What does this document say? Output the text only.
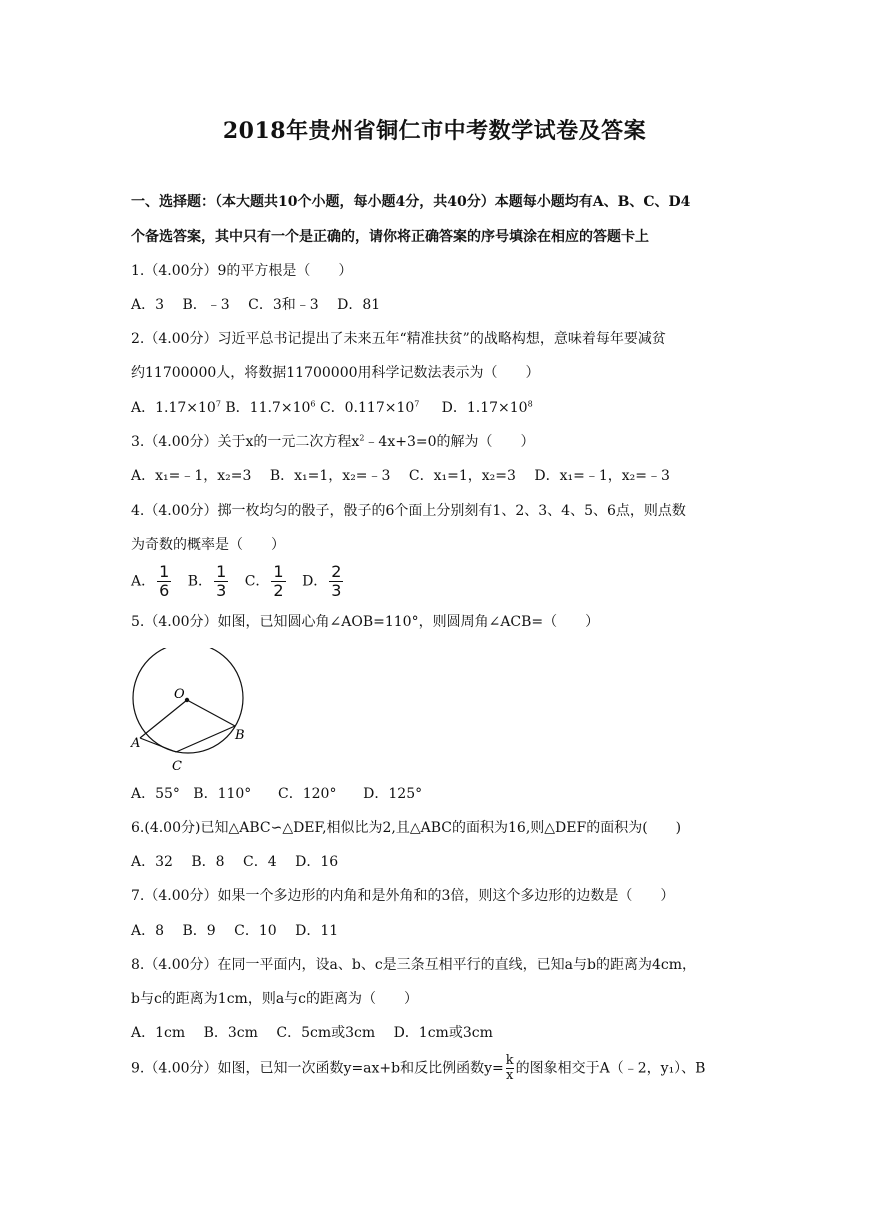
2018年贵州省铜仁市中考数学试卷及答案
一、选择题：（本大题共10个小题，每小题4分，共40分）本题每小题均有A、B、C、D4
个备选答案，其中只有一个是正确的，请你将正确答案的序号填涂在相应的答题卡上
1.（4.00分）9的平方根是（　　）
A．3 B．﹣3 C．3和﹣3 D．81
2.（4.00分）习近平总书记提出了未来五年“精准扶贫”的战略构想，意味着每年要减贫
约11700000人，将数据11700000用科学记数法表示为（　　）
A．$1.17\times 10^7$ B．$11.7\times 10^6$ C．$0.117\times 10^7$ D．$1.17\times 10^8$
3.（4.00分）关于x的一元二次方程$x^2﹣4x+3=0$的解为（　　）
A．x₁=﹣1，x₂=3 B．x₁=1，x₂=﹣3 C．x₁=1，x₂=3 D．x₁=﹣1，x₂=﹣3
4.（4.00分）掷一枚均匀的骰子，骰子的6个面上分别刻有1、2、3、4、5、6点，则点数
为奇数的概率是（　　）
A． $\frac{1}{6}$ B． $\frac{1}{3}$ C． $\frac{1}{2}$ D． $\frac{2}{3}$
5.（4.00分）如图，已知圆心角∠AOB=110°，则圆周角∠ACB=（　　）
O
A
B
C
A．55° B．110° C．120° D．125°
6.(4.00分)已知△ABC∽△DEF,相似比为2,且△ABC的面积为16,则△DEF的面积为(　　)
A．32 B．8 C．4 D．16
7.（4.00分）如果一个多边形的内角和是外角和的3倍，则这个多边形的边数是（　　）
A．8 B．9 C．10 D．11
8.（4.00分）在同一平面内，设a、b、c是三条互相平行的直线，已知a与b的距离为4cm，
b与c的距离为1cm，则a与c的距离为（　　）
A．1cm B．3cm C．5cm或3cm D．1cm或3cm
9.（4.00分）如图，已知一次函数y=ax+b和反比例函数$y= \frac{k}{x}$ 的图象相交于A（﹣2，y₁）、B
